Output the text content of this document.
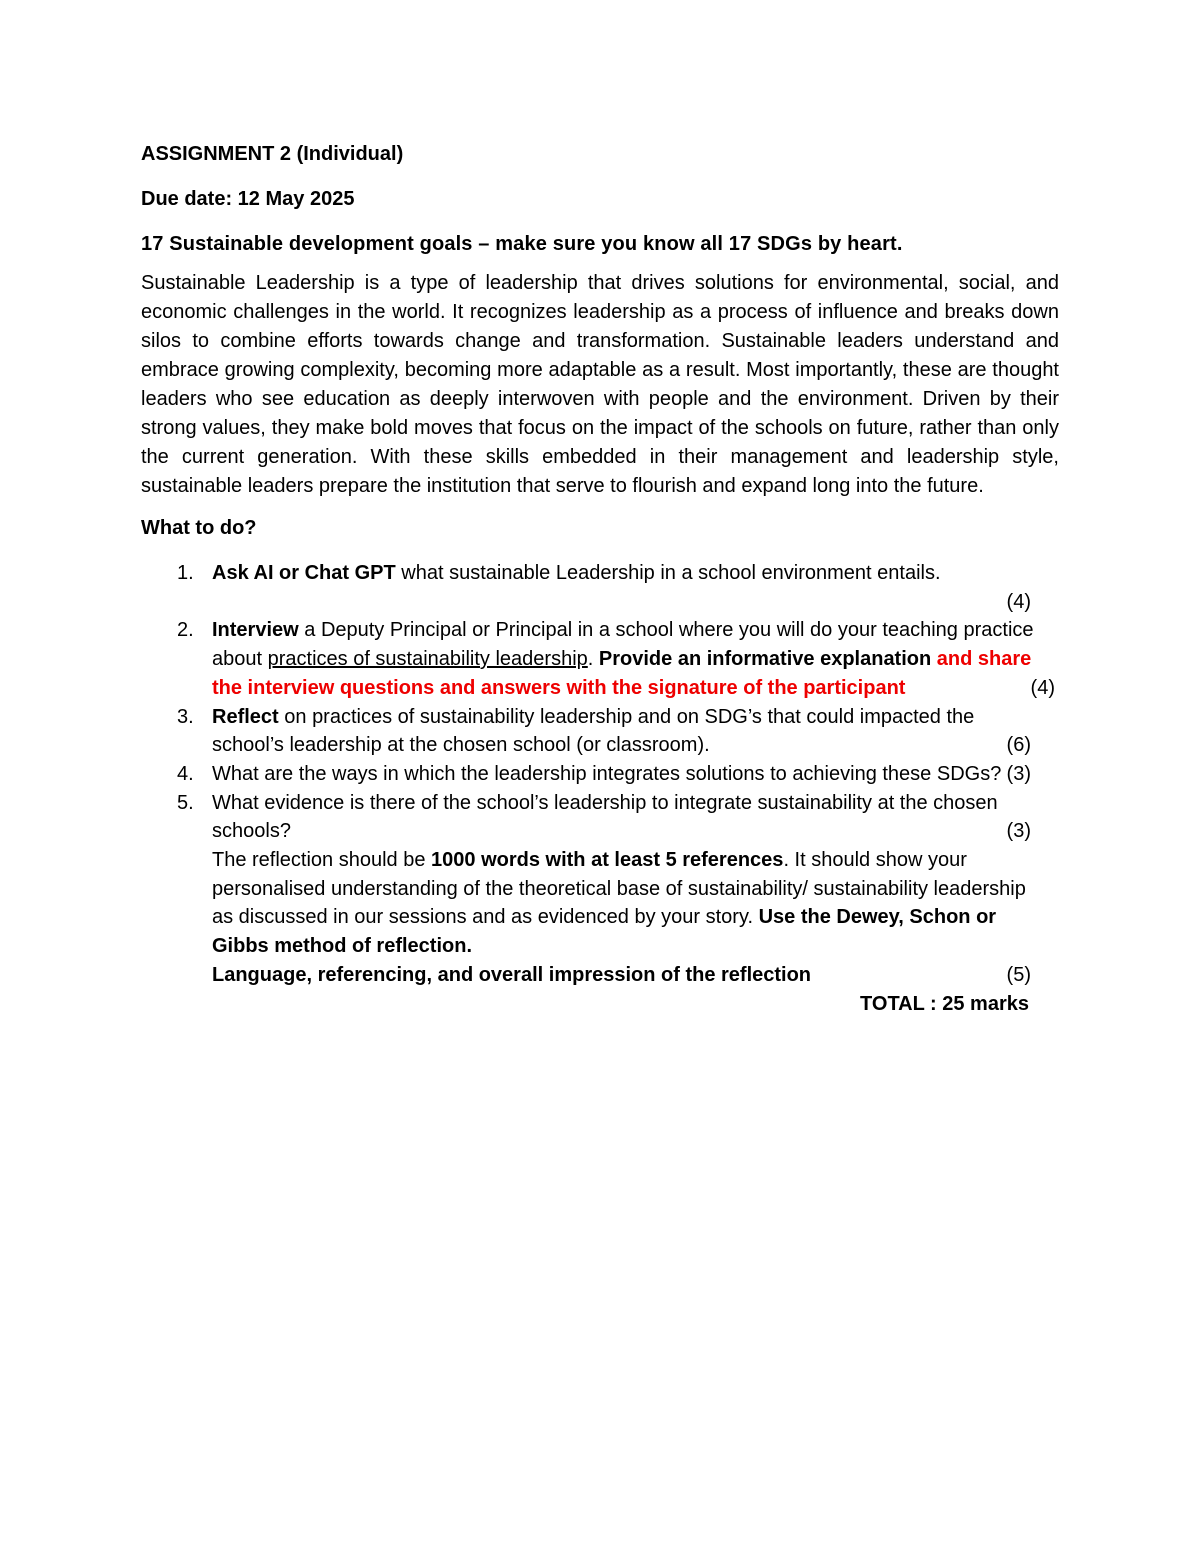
ASSIGNMENT 2 (Individual)

Due date: 12 May 2025

17 Sustainable development goals – make sure you know all 17 SDGs by heart.

Sustainable Leadership is a type of leadership that drives solutions for environmental, social, and economic challenges in the world. It recognizes leadership as a process of influence and breaks down silos to combine efforts towards change and transformation. Sustainable leaders understand and embrace growing complexity, becoming more adaptable as a result. Most importantly, these are thought leaders who see education as deeply interwoven with people and the environment. Driven by their strong values, they make bold moves that focus on the impact of the schools on future, rather than only the current generation. With these skills embedded in their management and leadership style, sustainable leaders prepare the institution that serve to flourish and expand long into the future.

What to do?

1. Ask AI or Chat GPT what sustainable Leadership in a school environment entails.
(4)
2. Interview a Deputy Principal or Principal in a school where you will do your teaching practice about practices of sustainability leadership. Provide an informative explanation and share the interview questions and answers with the signature of the participant	(4)
3. Reflect on practices of sustainability leadership and on SDG’s that could impacted the school’s leadership at the chosen school (or classroom).	(6)
4. What are the ways in which the leadership integrates solutions to achieving these SDGs? (3)
5. What evidence is there of the school’s leadership to integrate sustainability at the chosen schools?	(3)
The reflection should be 1000 words with at least 5 references. It should show your personalised understanding of the theoretical base of sustainability/ sustainability leadership as discussed in our sessions and as evidenced by your story. Use the Dewey, Schon or Gibbs method of reflection.
Language, referencing, and overall impression of the reflection	(5)
TOTAL : 25 marks
